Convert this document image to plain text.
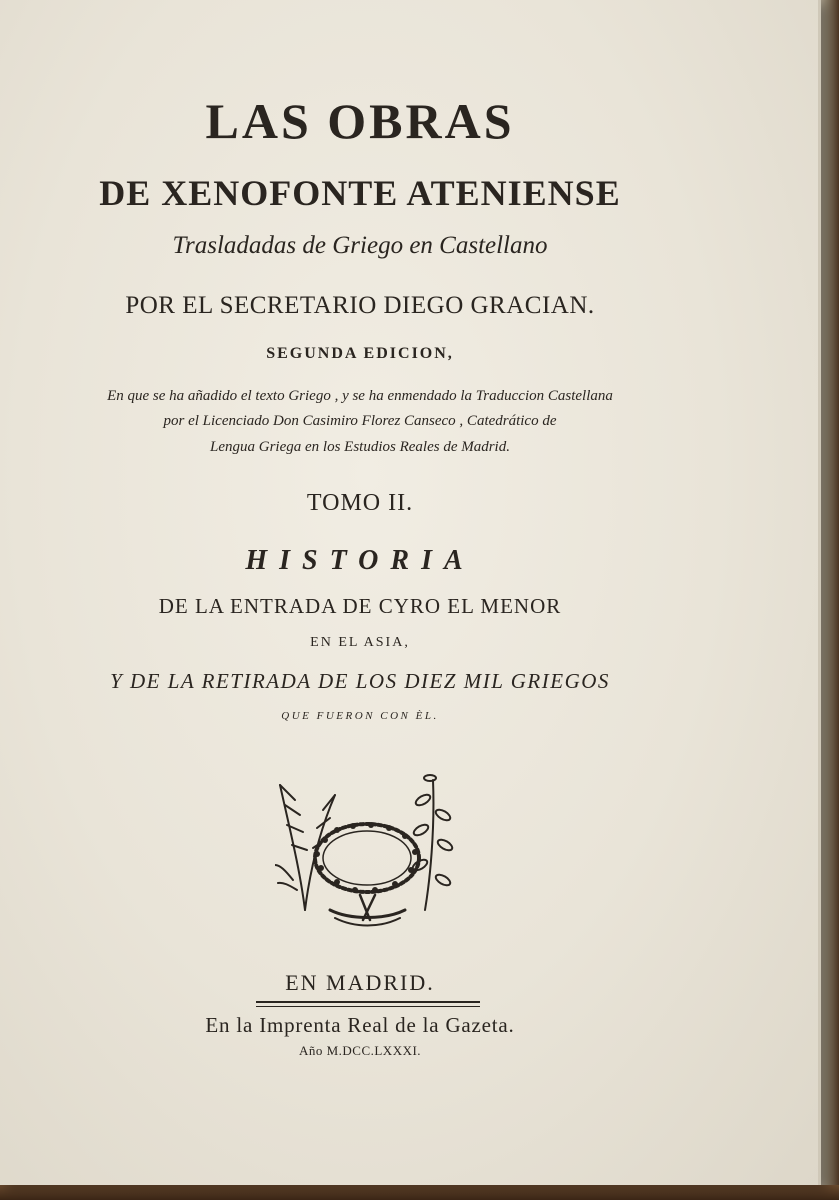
LAS OBRAS
DE XENOFONTE ATENIENSE
Trasladadas de Griego en Castellano
POR EL SECRETARIO DIEGO GRACIAN.
SEGUNDA EDICION,
En que se ha añadido el texto Griego , y se ha enmendado la Traduccion Castellana
por el Licenciado Don Casimiro Florez Canseco , Catedrático de
Lengua Griega en los Estudios Reales de Madrid.
TOMO II.
HISTORIA
DE LA ENTRADA DE CYRO EL MENOR
EN EL ASIA,
Y DE LA RETIRADA DE LOS DIEZ MIL GRIEGOS
QUE FUERON CON ÈL.
EN MADRID.
En la Imprenta Real de la Gazeta.
Año M.DCC.LXXXI.
